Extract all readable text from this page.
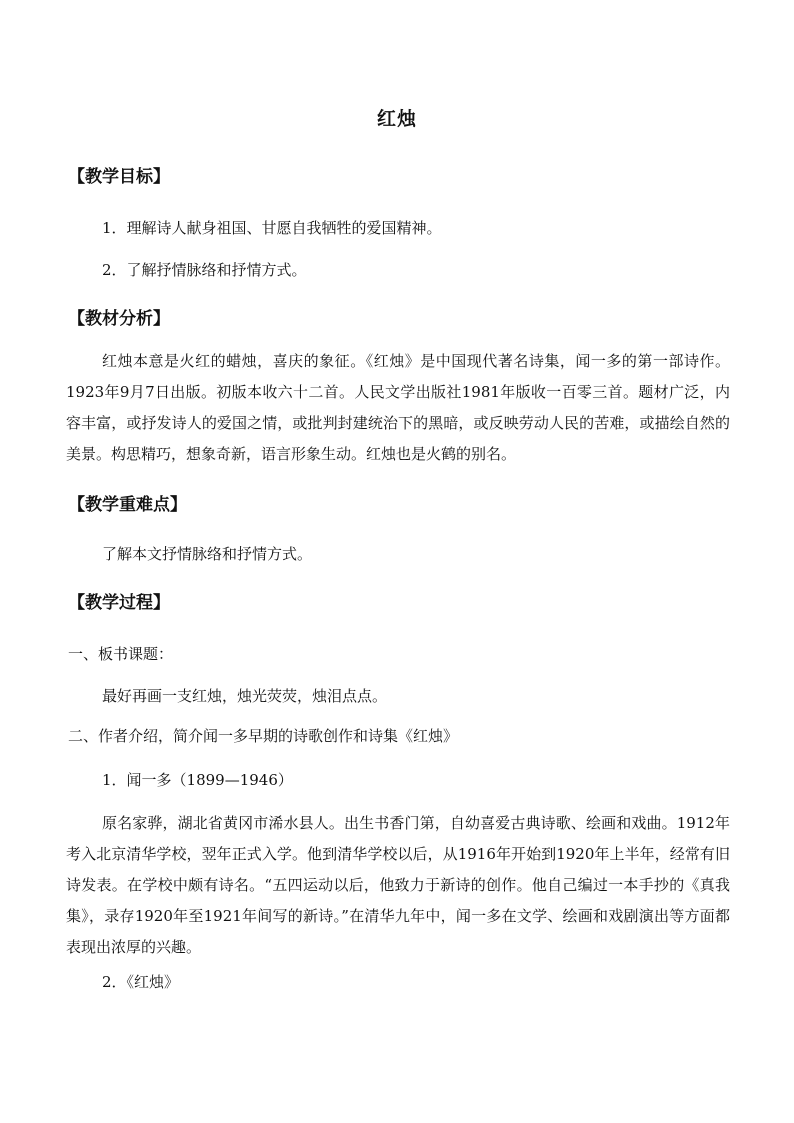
红烛
【教学目标】
1．理解诗人献身祖国、甘愿自我牺牲的爱国精神。
2．了解抒情脉络和抒情方式。
【教材分析】
红烛本意是火红的蜡烛，喜庆的象征。《红烛》是中国现代著名诗集，闻一多的第一部诗作。1923年9月7日出版。初版本收六十二首。人民文学出版社1981年版收一百零三首。题材广泛，内容丰富，或抒发诗人的爱国之情，或批判封建统治下的黑暗，或反映劳动人民的苦难，或描绘自然的美景。构思精巧，想象奇新，语言形象生动。红烛也是火鹤的别名。
【教学重难点】
了解本文抒情脉络和抒情方式。
【教学过程】
一、板书课题：
最好再画一支红烛，烛光荧荧，烛泪点点。
二、作者介绍，简介闻一多早期的诗歌创作和诗集《红烛》
1．闻一多（1899—1946）
原名家骅，湖北省黄冈市浠水县人。出生书香门第，自幼喜爱古典诗歌、绘画和戏曲。1912年考入北京清华学校，翌年正式入学。他到清华学校以后，从1916年开始到1920年上半年，经常有旧诗发表。在学校中颇有诗名。“五四运动以后，他致力于新诗的创作。他自己编过一本手抄的《真我集》，录存1920年至1921年间写的新诗。”在清华九年中，闻一多在文学、绘画和戏剧演出等方面都表现出浓厚的兴趣。
2．《红烛》
